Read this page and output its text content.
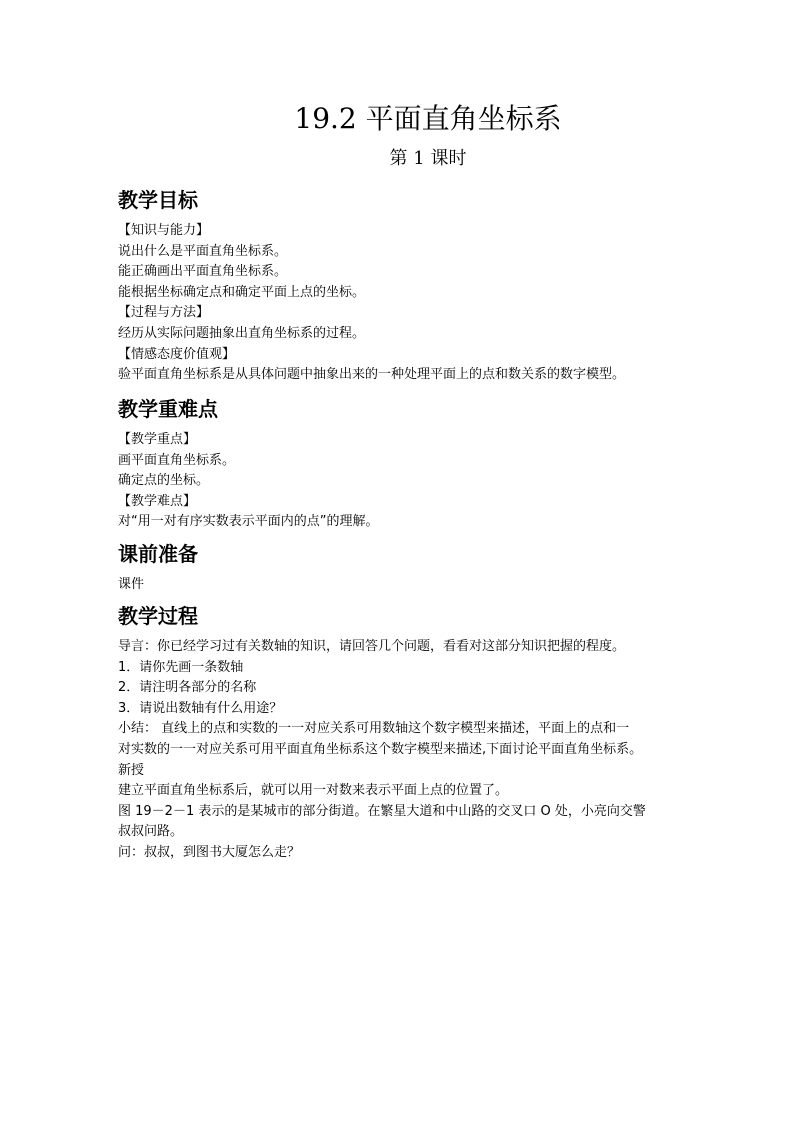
19.2 平面直角坐标系
第 1 课时
教学目标
【知识与能力】
说出什么是平面直角坐标系。
能正确画出平面直角坐标系。
能根据坐标确定点和确定平面上点的坐标。
【过程与方法】
经历从实际问题抽象出直角坐标系的过程。
【情感态度价值观】
验平面直角坐标系是从具体问题中抽象出来的一种处理平面上的点和数关系的数字模型。
教学重难点
【教学重点】
画平面直角坐标系。
确定点的坐标。
【教学难点】
对“用一对有序实数表示平面内的点”的理解。
课前准备
课件
教学过程
导言：你已经学习过有关数轴的知识，请回答几个问题，看看对这部分知识把握的程度。
1．请你先画一条数轴
2．请注明各部分的名称
3．请说出数轴有什么用途？
小结： 直线上的点和实数的一一对应关系可用数轴这个数字模型来描述，平面上的点和一
对实数的一一对应关系可用平面直角坐标系这个数字模型来描述,下面讨论平面直角坐标系。
新授
建立平面直角坐标系后，就可以用一对数来表示平面上点的位置了。
图 19－2－1 表示的是某城市的部分街道。在繁星大道和中山路的交叉口 O 处，小亮向交警
叔叔问路。
问：叔叔，到图书大厦怎么走？
